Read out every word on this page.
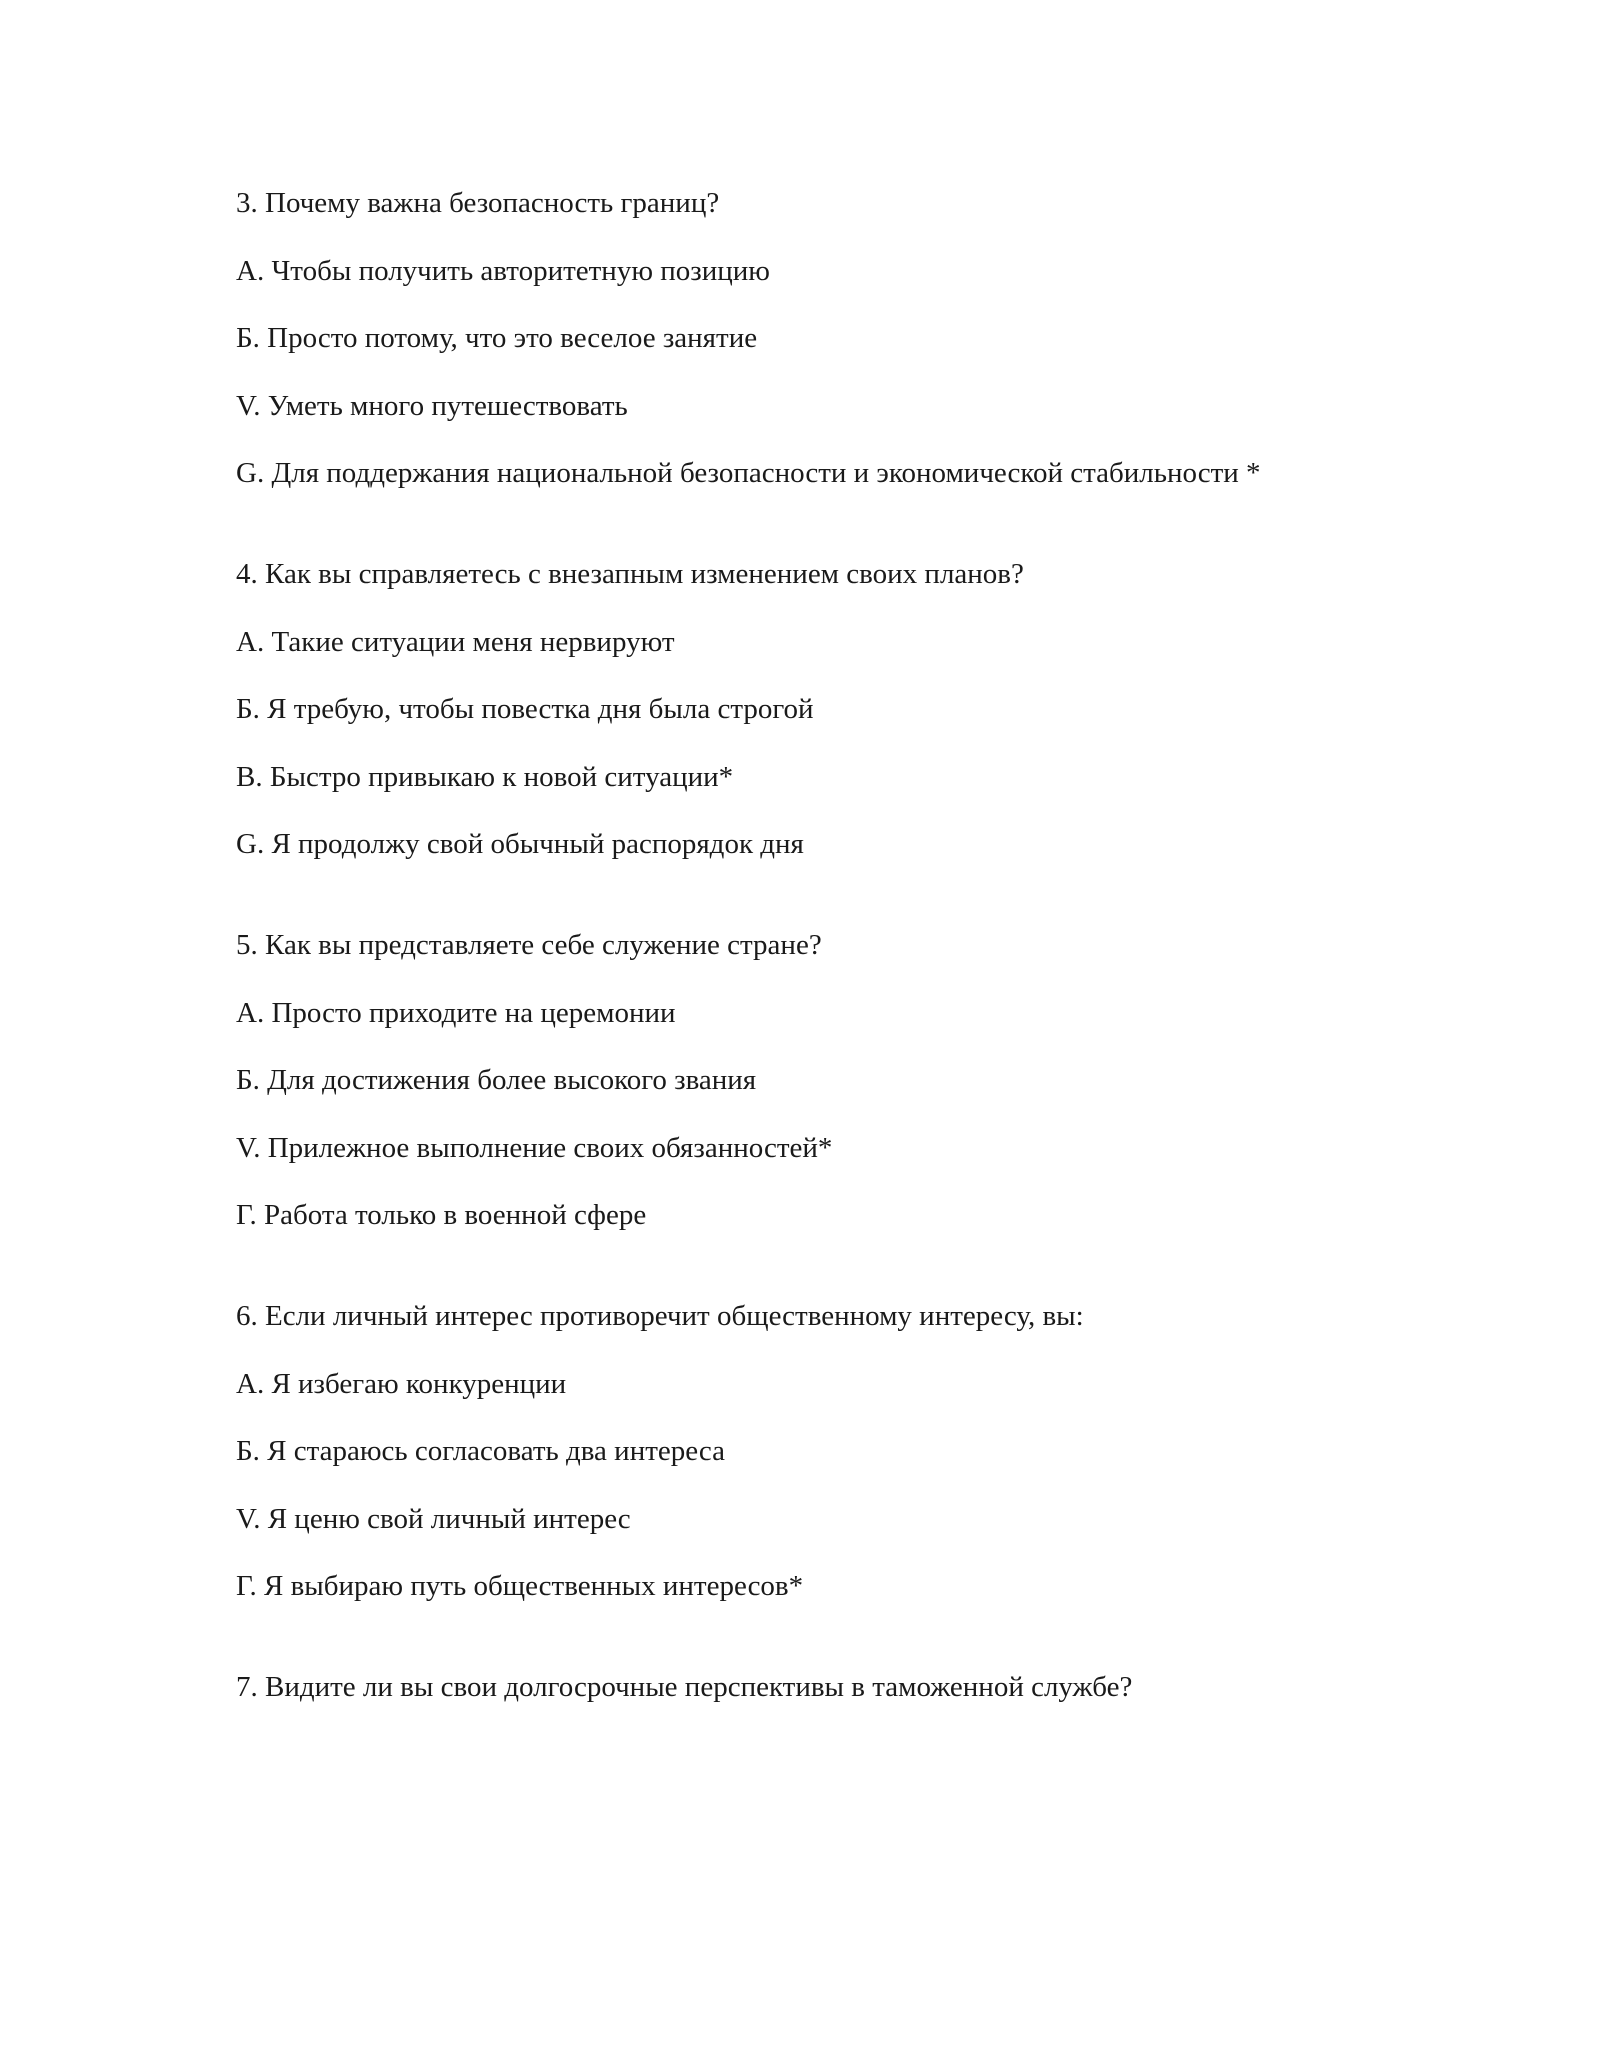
3. Почему важна безопасность границ?
A. Чтобы получить авторитетную позицию
Б. Просто потому, что это веселое занятие
V. Уметь много путешествовать
G. Для поддержания национальной безопасности и экономической стабильности *
4. Как вы справляетесь с внезапным изменением своих планов?
A. Такие ситуации меня нервируют
Б. Я требую, чтобы повестка дня была строгой
В. Быстро привыкаю к новой ситуации*
G. Я продолжу свой обычный распорядок дня
5. Как вы представляете себе служение стране?
A. Просто приходите на церемонии
Б. Для достижения более высокого звания
V. Прилежное выполнение своих обязанностей*
Г. Работа только в военной сфере
6. Если личный интерес противоречит общественному интересу, вы:
A. Я избегаю конкуренции
Б. Я стараюсь согласовать два интереса
V. Я ценю свой личный интерес
Г. Я выбираю путь общественных интересов*
7. Видите ли вы свои долгосрочные перспективы в таможенной службе?
